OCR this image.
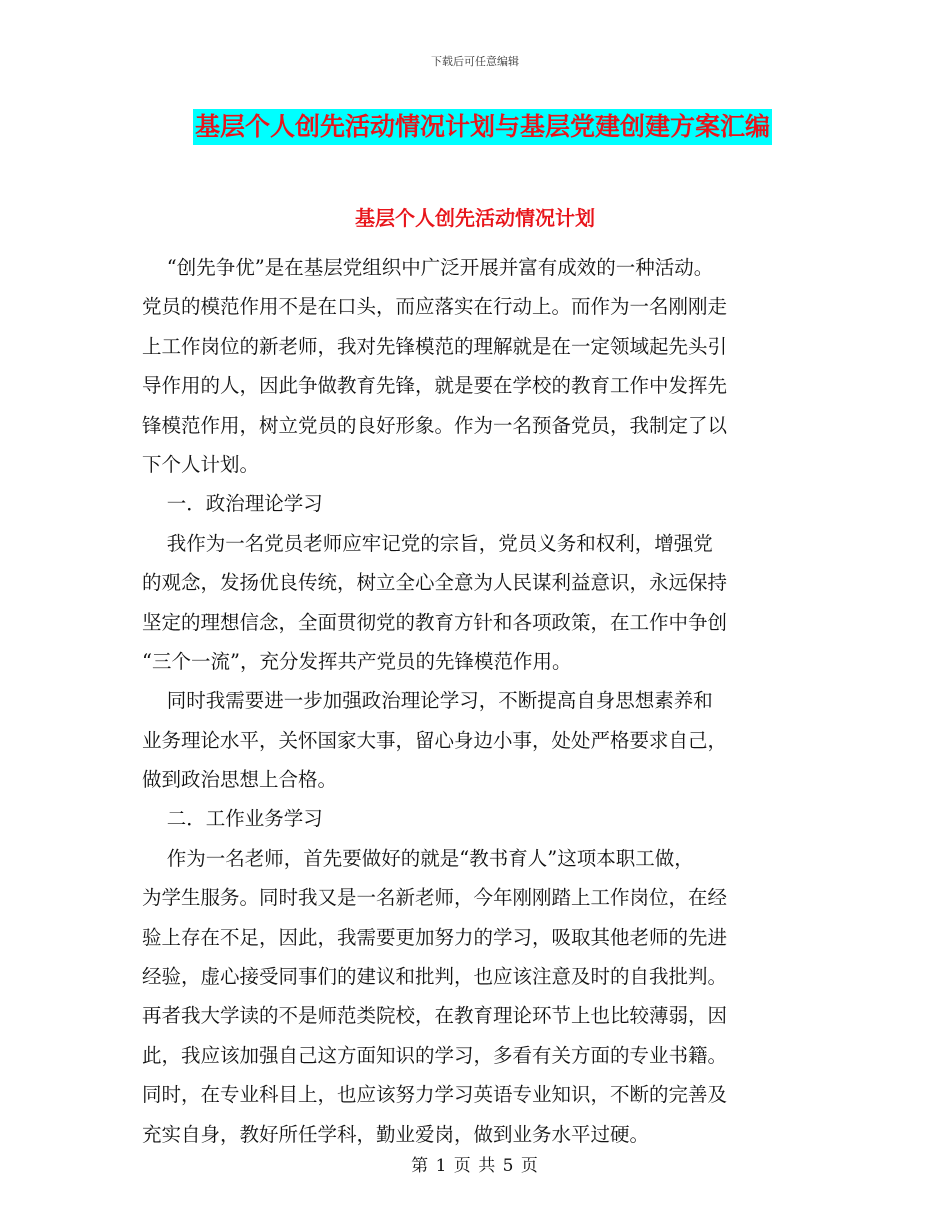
下载后可任意编辑
基层个人创先活动情况计划与基层党建创建方案汇编
基层个人创先活动情况计划
“创先争优”是在基层党组织中广泛开展并富有成效的一种活动。
党员的模范作用不是在口头，而应落实在行动上。而作为一名刚刚走
上工作岗位的新老师，我对先锋模范的理解就是在一定领域起先头引
导作用的人，因此争做教育先锋，就是要在学校的教育工作中发挥先
锋模范作用，树立党员的良好形象。作为一名预备党员，我制定了以
下个人计划。
一．政治理论学习
我作为一名党员老师应牢记党的宗旨，党员义务和权利，增强党
的观念，发扬优良传统，树立全心全意为人民谋利益意识，永远保持
坚定的理想信念，全面贯彻党的教育方针和各项政策，在工作中争创
“三个一流”，充分发挥共产党员的先锋模范作用。
同时我需要进一步加强政治理论学习，不断提高自身思想素养和
业务理论水平，关怀国家大事，留心身边小事，处处严格要求自己，
做到政治思想上合格。
二．工作业务学习
作为一名老师，首先要做好的就是“教书育人”这项本职工做，
为学生服务。同时我又是一名新老师，今年刚刚踏上工作岗位，在经
验上存在不足，因此，我需要更加努力的学习，吸取其他老师的先进
经验，虚心接受同事们的建议和批判，也应该注意及时的自我批判。
再者我大学读的不是师范类院校，在教育理论环节上也比较薄弱，因
此，我应该加强自己这方面知识的学习，多看有关方面的专业书籍。
同时，在专业科目上，也应该努力学习英语专业知识，不断的完善及
充实自身，教好所任学科，勤业爱岗，做到业务水平过硬。
第 1 页 共 5 页
